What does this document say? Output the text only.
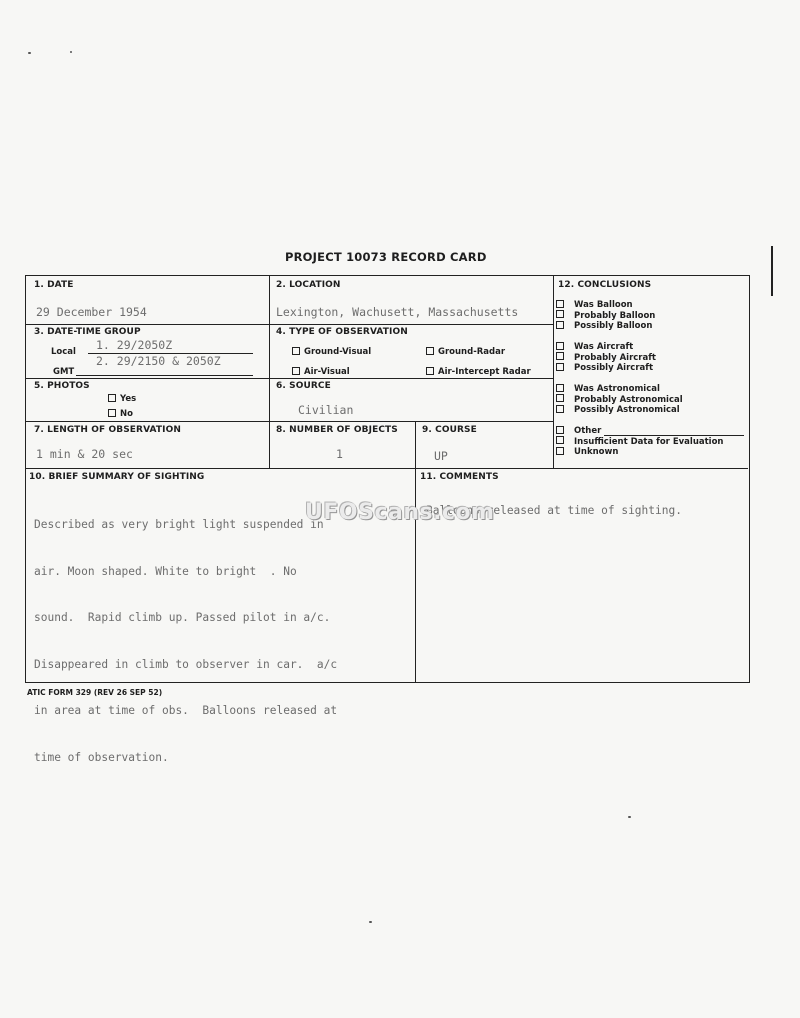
PROJECT 10073 RECORD CARD
1. DATE
29 December 1954
2. LOCATION
Lexington, Wachusett, Massachusetts
3. DATE-TIME GROUP
Local 1. 29/2050Z
GMT
2. 29/2150 & 2050Z
4. TYPE OF OBSERVATION
Ground-Visual	Ground-Radar
Air-Visual	Air-Intercept Radar
5. PHOTOS
Yes
No
6. SOURCE
Civilian
7. LENGTH OF OBSERVATION
1 min & 20 sec
8. NUMBER OF OBJECTS
1
9. COURSE
UP
10. BRIEF SUMMARY OF SIGHTING

Described as very bright light suspended in

air. Moon shaped. White to bright  . No

sound.  Rapid climb up. Passed pilot in a/c.

Disappeared in climb to observer in car.  a/c

in area at time of obs.  Balloons released at

time of observation.

11. COMMENTS
Balloons released at time of sighting.
12. CONCLUSIONS
Was Balloon
Probably Balloon
Possibly Balloon
Was Aircraft
Probably Aircraft
Possibly Aircraft
Was Astronomical
Probably Astronomical
Possibly Astronomical
Other
Insufficient Data for Evaluation
Unknown
UFOScans.com
ATIC FORM 329 (REV 26 SEP 52)
